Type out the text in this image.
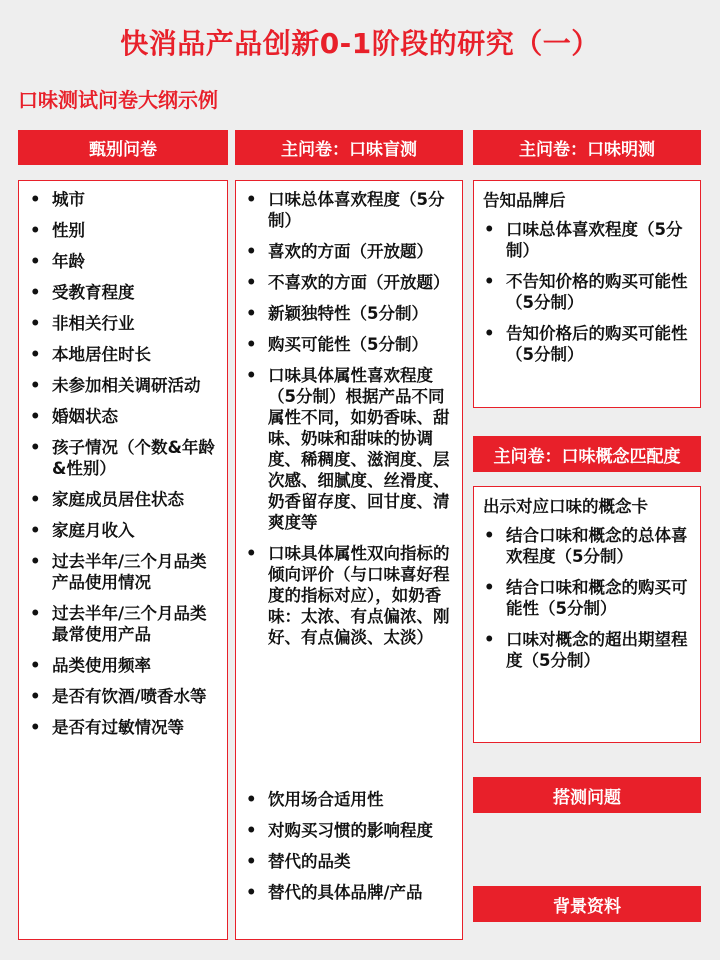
快消品产品创新0-1阶段的研究（一）
口味测试问卷大纲示例
甄别问卷
• 城市
• 性别
• 年龄
• 受教育程度
• 非相关行业
• 本地居住时长
• 未参加相关调研活动
• 婚姻状态
• 孩子情况（个数&年龄&性别）
• 家庭成员居住状态
• 家庭月收入
• 过去半年/三个月品类产品使用情况
• 过去半年/三个月品类最常使用产品
• 品类使用频率
• 是否有饮酒/喷香水等
• 是否有过敏情况等
主问卷：口味盲测
• 口味总体喜欢程度（5分制）
• 喜欢的方面（开放题）
• 不喜欢的方面（开放题）
• 新颖独特性（5分制）
• 购买可能性（5分制）
• 口味具体属性喜欢程度（5分制）根据产品不同属性不同，如奶香味、甜味、奶味和甜味的协调度、稀稠度、滋润度、层次感、细腻度、丝滑度、奶香留存度、回甘度、清爽度等
• 口味具体属性双向指标的倾向评价（与口味喜好程度的指标对应），如奶香味：太浓、有点偏浓、刚好、有点偏淡、太淡）
• 饮用场合适用性
• 对购买习惯的影响程度
• 替代的品类
• 替代的具体品牌/产品
主问卷：口味明测
告知品牌后
• 口味总体喜欢程度（5分制）
• 不告知价格的购买可能性（5分制）
• 告知价格后的购买可能性（5分制）
主问卷：口味概念匹配度
出示对应口味的概念卡
• 结合口味和概念的总体喜欢程度（5分制）
• 结合口味和概念的购买可能性（5分制）
• 口味对概念的超出期望程度（5分制）
搭测问题
背景资料
